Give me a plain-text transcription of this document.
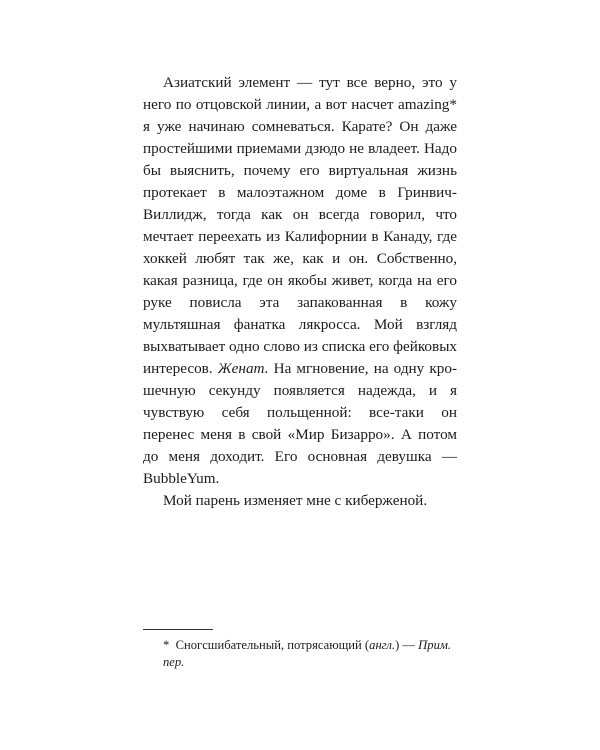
Азиатский элемент — тут все верно, это у него по отцовской линии, а вот насчет amazing* я уже начинаю сомневаться. Карате? Он даже простейшими приемами дзюдо не владеет. Надо бы выяснить, почему его виртуальная жизнь протекает в малоэтажном доме в Гринвич-Виллидж, тогда как он всегда говорил, что мечтает переехать из Калифорнии в Канаду, где хоккей любят так же, как и он. Собственно, какая разница, где он якобы живет, когда на его руке повисла эта запакованная в кожу мультяшная фанатка лякросса. Мой взгляд выхватывает одно слово из списка его фейковых интересов. Женат. На мгновение, на одну крошечную секунду появляется надежда, и я чувствую себя польщенной: все-таки он перенес меня в свой «Мир Бизарро». А потом до меня доходит. Его основная девушка — BubbleYum.

Мой парень изменяет мне с киберженой.

* Сногсшибательный, потрясающий (англ.) — Прим. пер.
